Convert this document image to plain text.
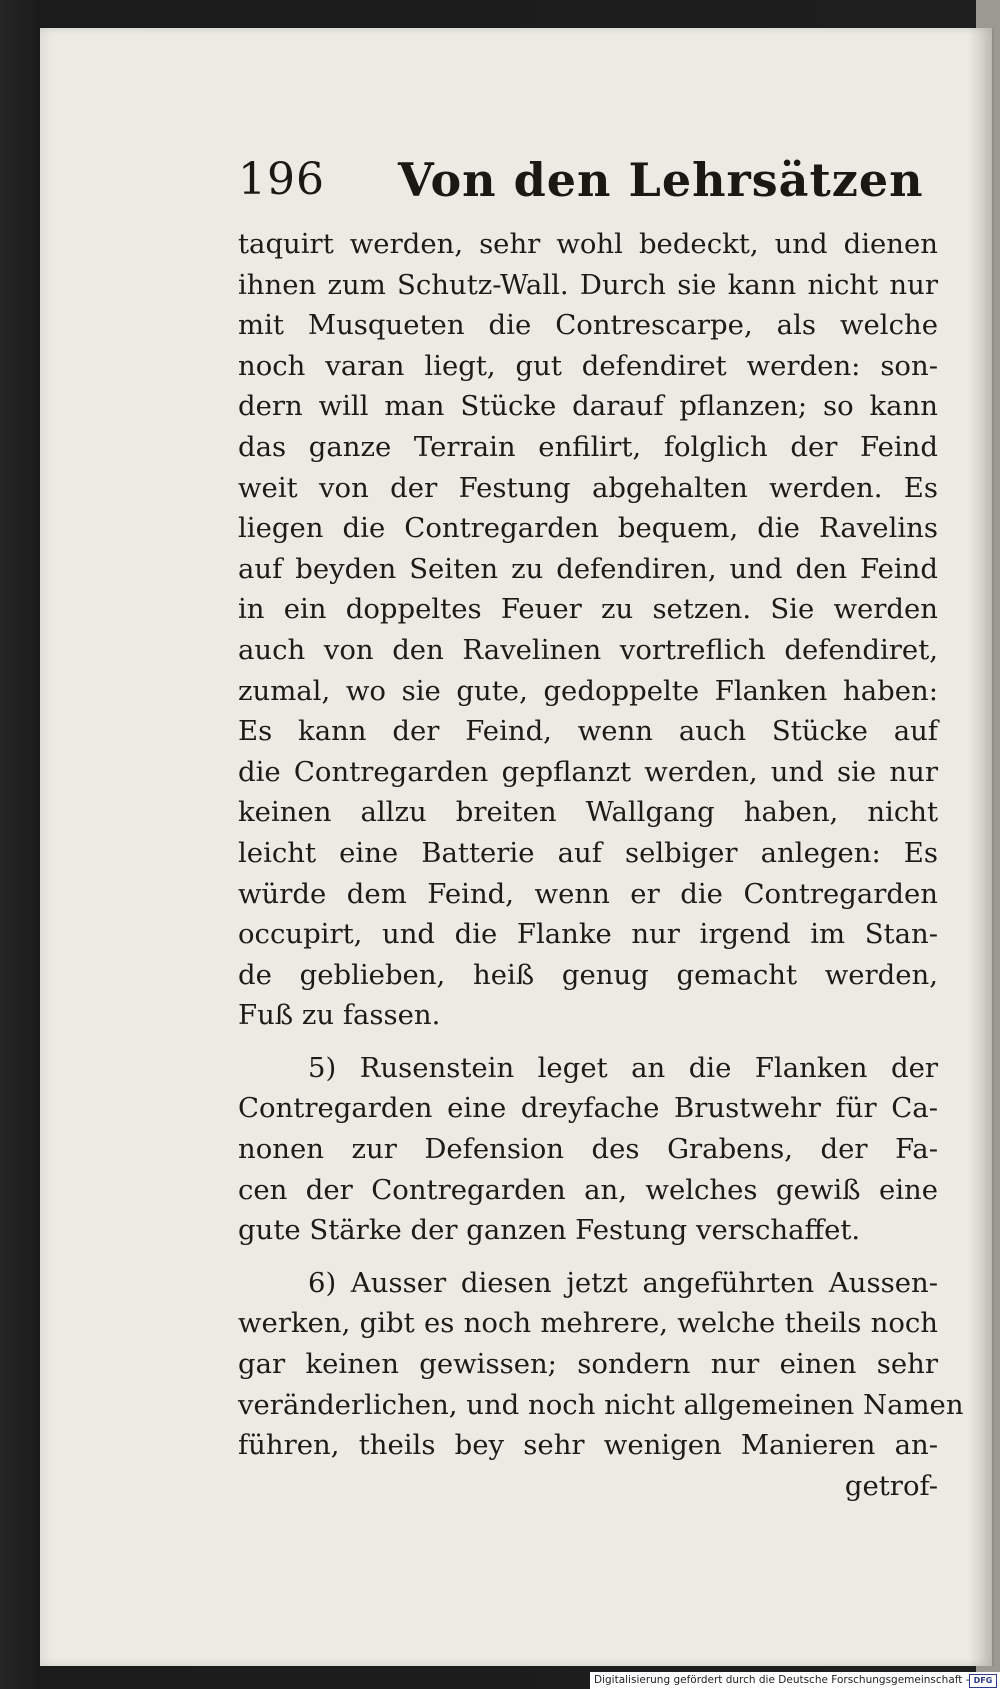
196 Von den Lehrsätzen
taquirt werden, sehr wohl bedeckt, und dienen
ihnen zum Schutz-Wall. Durch sie kann nicht nur
mit Musqueten die Contrescarpe, als welche
noch varan liegt, gut defendiret werden: son-
dern will man Stücke darauf pflanzen; so kann
das ganze Terrain enfilirt, folglich der Feind
weit von der Festung abgehalten werden. Es
liegen die Contregarden bequem, die Ravelins
auf beyden Seiten zu defendiren, und den Feind
in ein doppeltes Feuer zu setzen. Sie werden
auch von den Ravelinen vortreflich defendiret,
zumal, wo sie gute, gedoppelte Flanken haben:
Es kann der Feind, wenn auch Stücke auf
die Contregarden gepflanzt werden, und sie nur
keinen allzu breiten Wallgang haben, nicht
leicht eine Batterie auf selbiger anlegen: Es
würde dem Feind, wenn er die Contregarden
occupirt, und die Flanke nur irgend im Stan-
de geblieben, heiß genug gemacht werden,
Fuß zu fassen.
5) Rusenstein leget an die Flanken der
Contregarden eine dreyfache Brustwehr für Ca-
nonen zur Defension des Grabens, der Fa-
cen der Contregarden an, welches gewiß eine
gute Stärke der ganzen Festung verschaffet.
6) Ausser diesen jetzt angeführten Aussen-
werken, gibt es noch mehrere, welche theils noch
gar keinen gewissen; sondern nur einen sehr
veränderlichen, und noch nicht allgemeinen Namen
führen, theils bey sehr wenigen Manieren an-
getrof-
Digitalisierung gefördert durch die Deutsche Forschungsgemeinschaft - DFG
